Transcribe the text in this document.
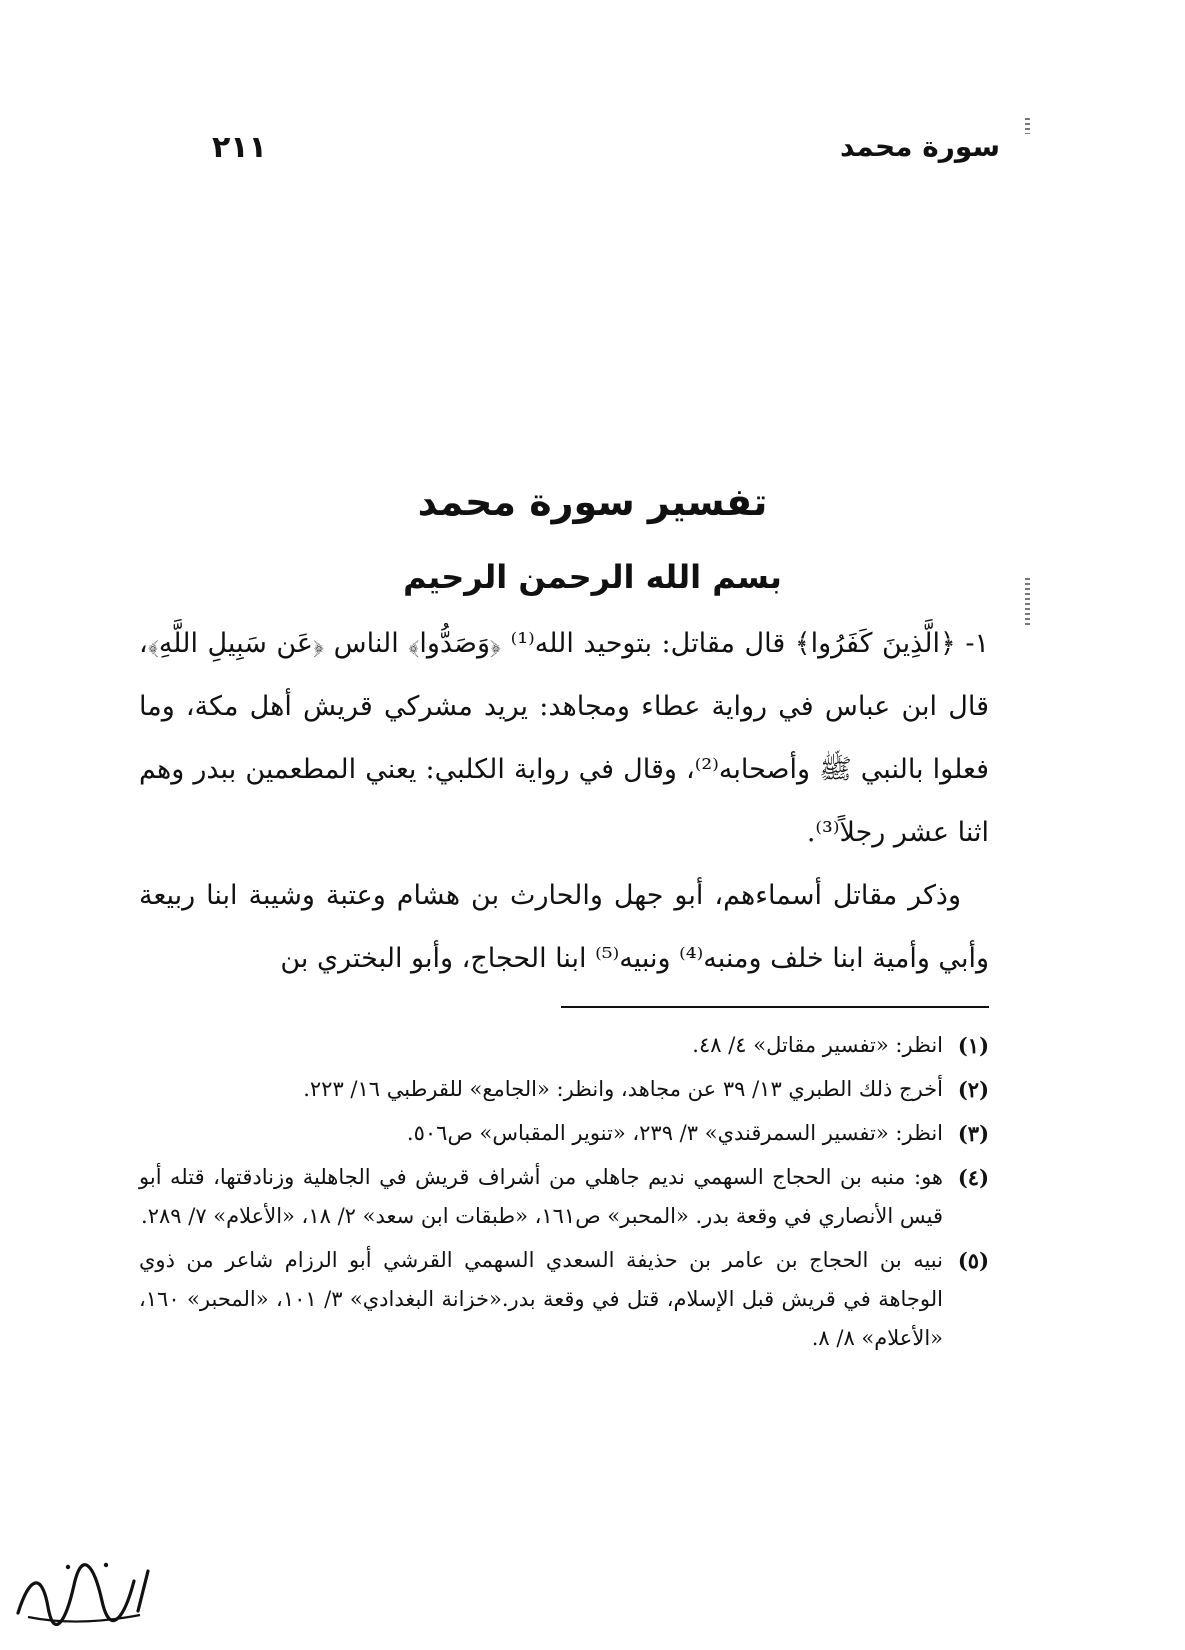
سورة محمد
٢١١
تفسير سورة محمد
بسم الله الرحمن الرحيم

١- ﴿الَّذِينَ كَفَرُوا﴾ قال مقاتل: بتوحيد الله⁽¹⁾ ﴿وَصَدُّوا﴾ الناس ﴿عَن سَبِيلِ اللَّهِ﴾، قال ابن عباس في رواية عطاء ومجاهد: يريد مشركي قريش أهل مكة، وما فعلوا بالنبي ﷺ وأصحابه⁽²⁾، وقال في رواية الكلبي: يعني المطعمين ببدر وهم اثنا عشر رجلاً⁽³⁾.

وذكر مقاتل أسماءهم، أبو جهل والحارث بن هشام وعتبة وشيبة ابنا ربيعة وأبي وأمية ابنا خلف ومنبه⁽⁴⁾ ونبيه⁽⁵⁾ ابنا الحجاج، وأبو البختري بن

(١)
انظر: «تفسير مقاتل» ٤/ ٤٨.
(٢)
أخرج ذلك الطبري ١٣/ ٣٩ عن مجاهد، وانظر: «الجامع» للقرطبي ١٦/ ٢٢٣.
(٣)
انظر: «تفسير السمرقندي» ٣/ ٢٣٩، «تنوير المقباس» ص٥٠٦.
(٤)
هو: منبه بن الحجاج السهمي نديم جاهلي من أشراف قريش في الجاهلية وزنادقتها، قتله أبو قيس الأنصاري في وقعة بدر. «المحبر» ص١٦١، «طبقات ابن سعد» ٢/ ١٨، «الأعلام» ٧/ ٢٨٩.
(٥)
نبيه بن الحجاج بن عامر بن حذيفة السعدي السهمي القرشي أبو الرزام شاعر من ذوي الوجاهة في قريش قبل الإسلام، قتل في وقعة بدر.«خزانة البغدادي» ٣/ ١٠١، «المحبر» ١٦٠، «الأعلام» ٨/ ٨.
